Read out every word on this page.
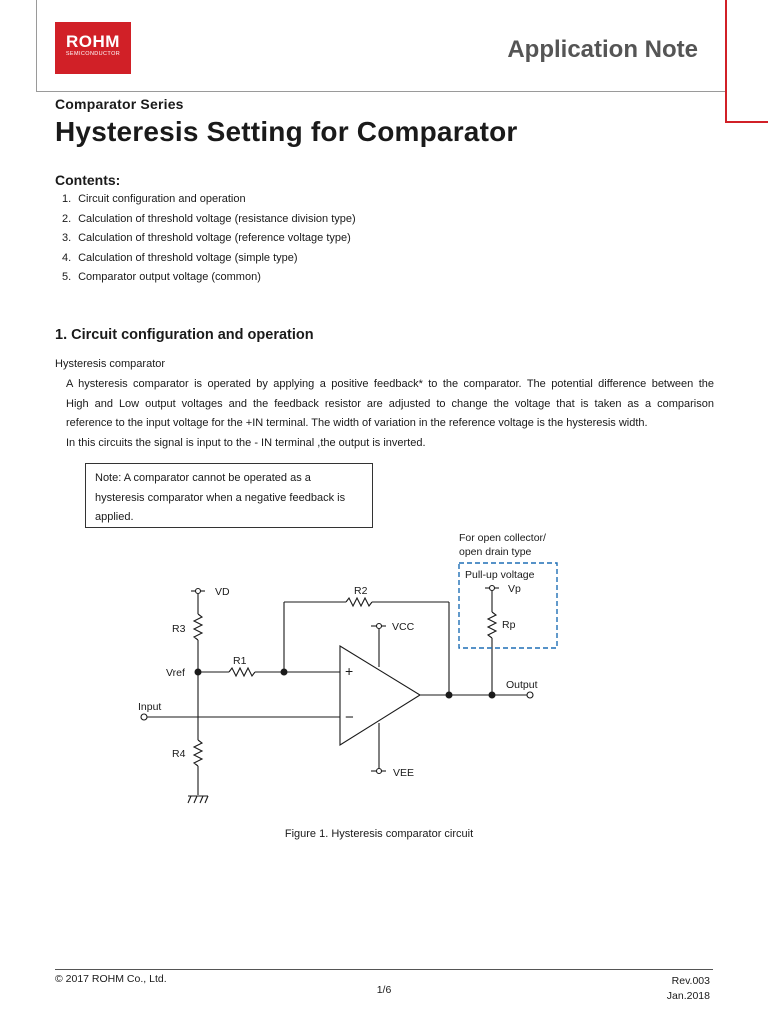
ROHM
SEMICONDUCTOR	Application Note
Comparator Series
Hysteresis Setting for Comparator
Contents:
1. Circuit configuration and operation
2. Calculation of threshold voltage (resistance division type)
3. Calculation of threshold voltage (reference voltage type)
4. Calculation of threshold voltage (simple type)
5. Comparator output voltage (common)
1. Circuit configuration and operation
Hysteresis comparator

A hysteresis comparator is operated by applying a positive feedback* to the comparator. The potential difference between the

High and Low output voltages and the feedback resistor are adjusted to change the voltage that is taken as a comparison

reference to the input voltage for the +IN terminal. The width of variation in the reference voltage is the hysteresis width.

In this circuits the signal is input to the - IN terminal ,the output is inverted.

Note: A comparator cannot be operated as a
hysteresis comparator when a negative feedback is
applied.
VD	R2
R3
Vref
R1
Input
R4
VCC
VEE
Output
For open collector/
open drain type
Pull-up voltage
Vp
Rp
+
−
Figure 1. Hysteresis comparator circuit
© 2017 ROHM Co., Ltd.
1/6
Rev.003
Jan.2018
